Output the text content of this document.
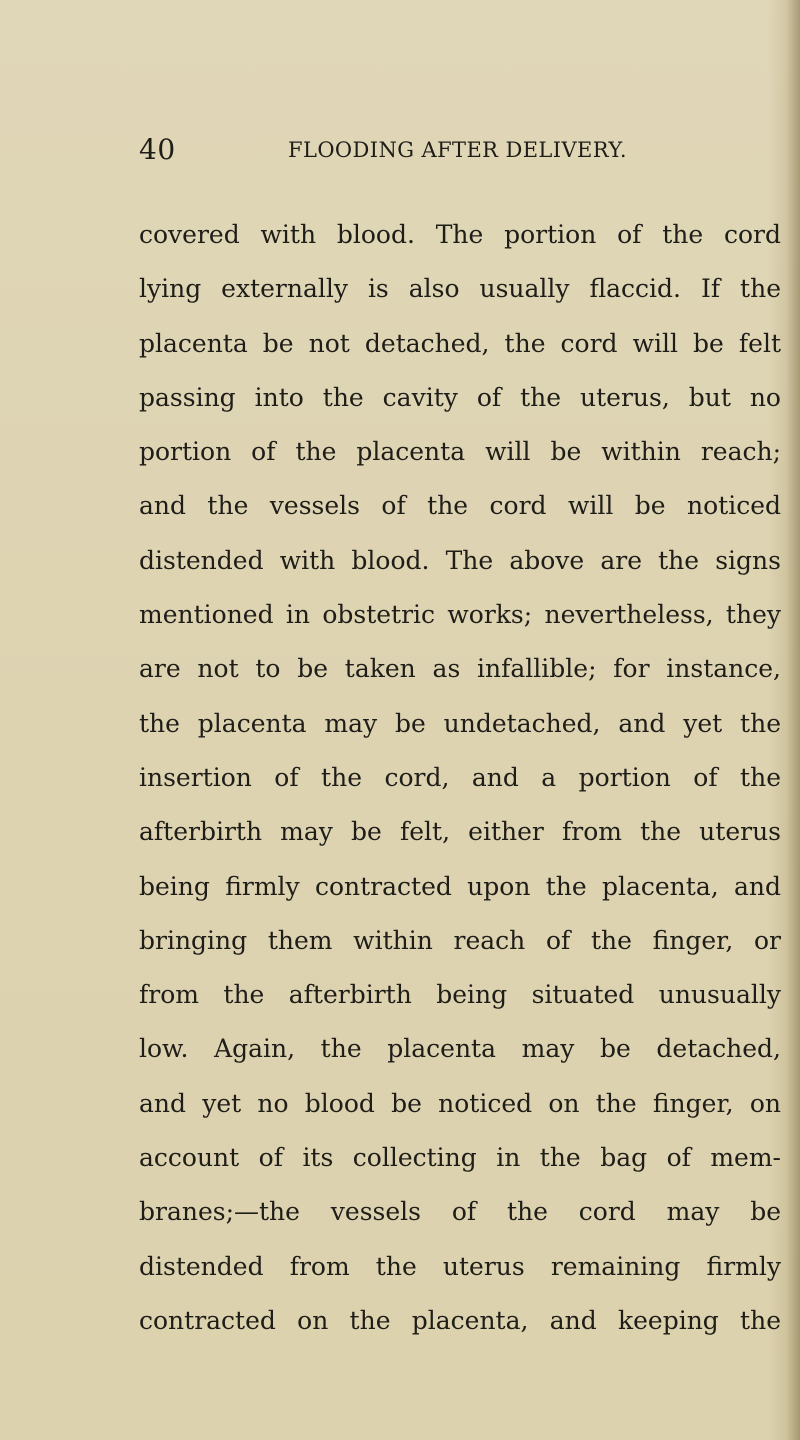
40	FLOODING AFTER DELIVERY.
covered with blood. The portion of the cord
lying externally is also usually flaccid. If the
placenta be not detached, the cord will be felt
passing into the cavity of the uterus, but no
portion of the placenta will be within reach;
and the vessels of the cord will be noticed
distended with blood. The above are the signs
mentioned in obstetric works; nevertheless, they
are not to be taken as infallible; for instance,
the placenta may be undetached, and yet the
insertion of the cord, and a portion of the
afterbirth may be felt, either from the uterus
being firmly contracted upon the placenta, and
bringing them within reach of the finger, or
from the afterbirth being situated unusually
low. Again, the placenta may be detached,
and yet no blood be noticed on the finger, on
account of its collecting in the bag of mem-
branes;—the vessels of the cord may be
distended from the uterus remaining firmly
contracted on the placenta, and keeping the
